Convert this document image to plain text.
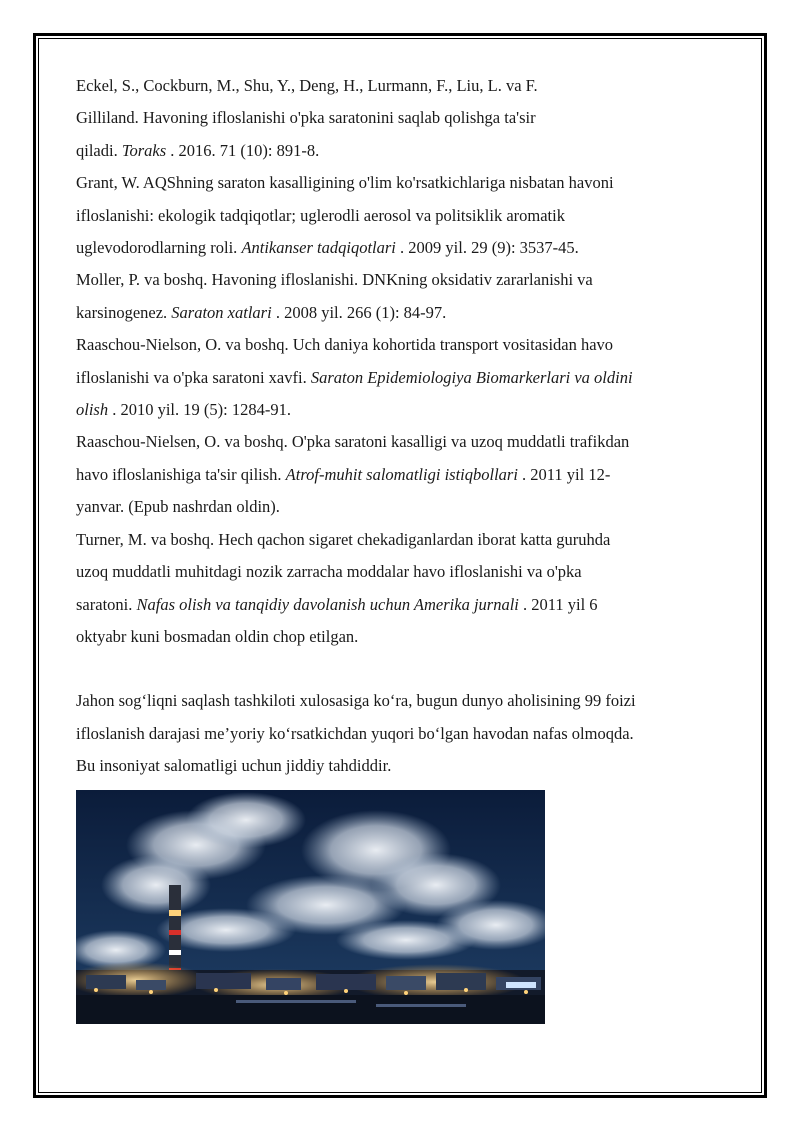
Eckel, S., Cockburn, M., Shu, Y., Deng, H., Lurmann, F., Liu, L. va F.
Gilliland. Havoning ifloslanishi o'pka saratonini saqlab qolishga ta'sir
qiladi. Toraks . 2016. 71 (10): 891-8.

Grant, W. AQShning saraton kasalligining o'lim ko'rsatkichlariga nisbatan havoni
ifloslanishi: ekologik tadqiqotlar; uglerodli aerosol va politsiklik aromatik
uglevodorodlarning roli. Antikanser tadqiqotlari . 2009 yil. 29 (9): 3537-45.

Moller, P. va boshq. Havoning ifloslanishi. DNKning oksidativ zararlanishi va
karsinogenez. Saraton xatlari . 2008 yil. 266 (1): 84-97.

Raaschou-Nielson, O. va boshq. Uch daniya kohortida transport vositasidan havo
ifloslanishi va o'pka saratoni xavfi. Saraton Epidemiologiya Biomarkerlari va oldini
olish . 2010 yil. 19 (5): 1284-91.

Raaschou-Nielsen, O. va boshq. O'pka saratoni kasalligi va uzoq muddatli trafikdan
havo ifloslanishiga ta'sir qilish. Atrof-muhit salomatligi istiqbollari . 2011 yil 12-
yanvar. (Epub nashrdan oldin).

Turner, M. va boshq. Hech qachon sigaret chekadiganlardan iborat katta guruhda
uzoq muddatli muhitdagi nozik zarracha moddalar havo ifloslanishi va o'pka
saratoni. Nafas olish va tanqidiy davolanish uchun Amerika jurnali . 2011 yil 6
oktyabr kuni bosmadan oldin chop etilgan.

Jahon sog‘liqni saqlash tashkiloti xulosasiga ko‘ra, bugun dunyo aholisining 99 foizi
ifloslanish darajasi me’yoriy ko‘rsatkichdan yuqori bo‘lgan havodan nafas olmoqda.
Bu insoniyat salomatligi uchun jiddiy tahdiddir.
